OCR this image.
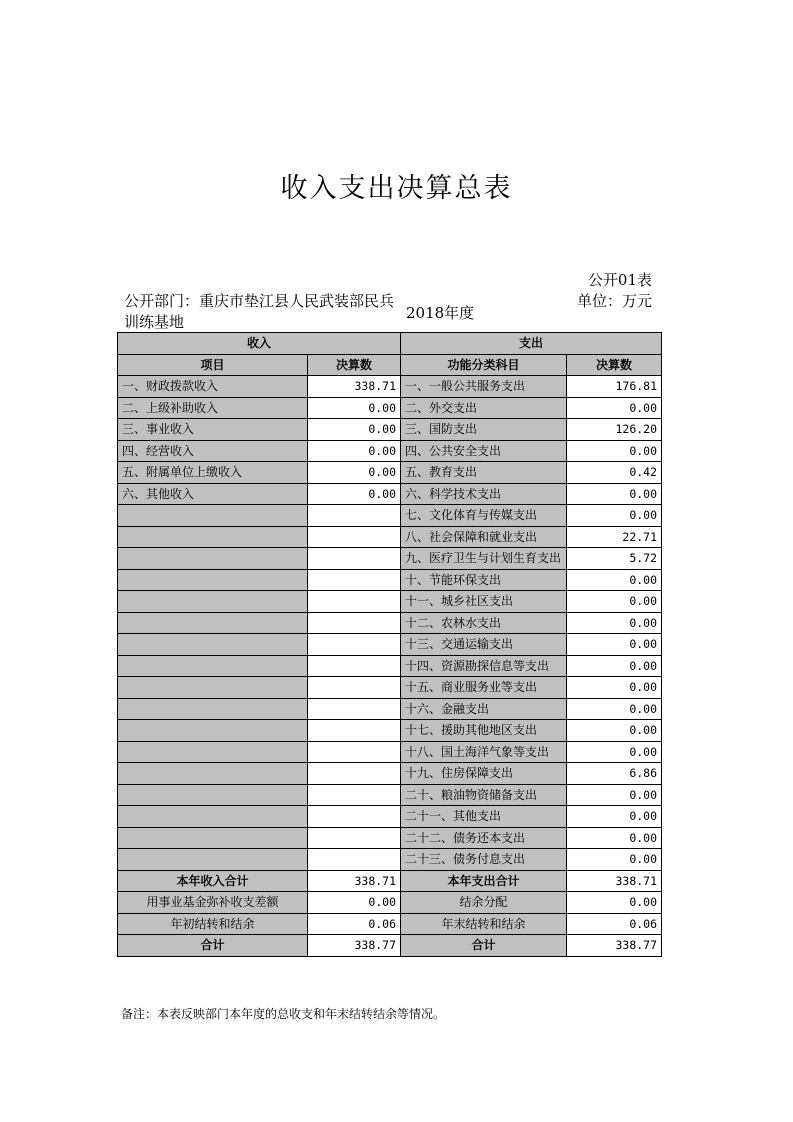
收入支出决算总表
公开部门：重庆市垫江县人民武装部民兵训练基地	2018年度
公开01表
单位：万元
收入		支出	
项目	决算数	功能分类科目	决算数
一、财政拨款收入	338.71	一、一般公共服务支出	176.81
二、上级补助收入	0.00	二、外交支出	0.00
三、事业收入	0.00	三、国防支出	126.20
四、经营收入	0.00	四、公共安全支出	0.00
五、附属单位上缴收入	0.00	五、教育支出	0.42
六、其他收入	0.00	六、科学技术支出	0.00
		七、文化体育与传媒支出	0.00
		八、社会保障和就业支出	22.71
		九、医疗卫生与计划生育支出	5.72
		十、节能环保支出	0.00
		十一、城乡社区支出	0.00
		十二、农林水支出	0.00
		十三、交通运输支出	0.00
		十四、资源勘探信息等支出	0.00
		十五、商业服务业等支出	0.00
		十六、金融支出	0.00
		十七、援助其他地区支出	0.00
		十八、国土海洋气象等支出	0.00
		十九、住房保障支出	6.86
		二十、粮油物资储备支出	0.00
		二十一、其他支出	0.00
		二十二、债务还本支出	0.00
		二十三、债务付息支出	0.00
本年收入合计	338.71	本年支出合计	338.71
用事业基金弥补收支差额	0.00	结余分配	0.00
年初结转和结余	0.06	年末结转和结余	0.06
合计	338.77	合计	338.77
备注：本表反映部门本年度的总收支和年末结转结余等情况。
